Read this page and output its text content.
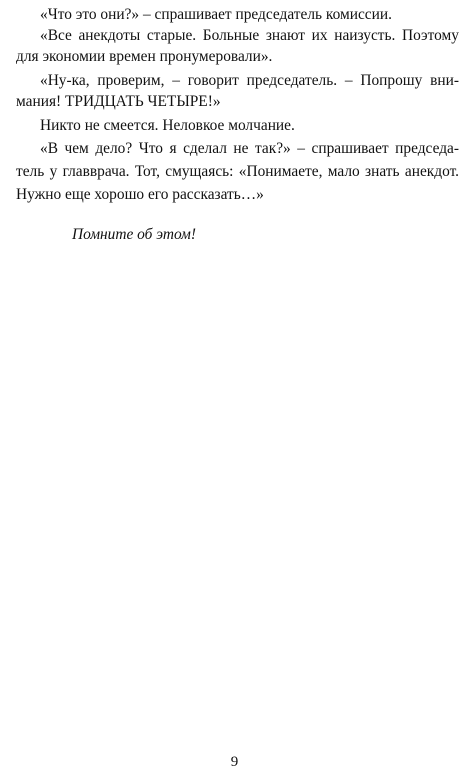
«Что это они?» – спрашивает председатель комиссии.
«Все анекдоты старые. Больные знают их наизусть. Поэтому
для экономии времен пронумеровали».
«Ну-ка, проверим, – говорит председатель. – Попрошу вни-
мания! ТРИДЦАТЬ ЧЕТЫРЕ!»
Никто не смеется. Неловкое молчание.
«В чем дело? Что я сделал не так?» – спрашивает председа-
тель у главврача. Тот, смущаясь: «Понимаете, мало знать анекдот.
Нужно еще хорошо его рассказать…»
Помните об этом!
9
